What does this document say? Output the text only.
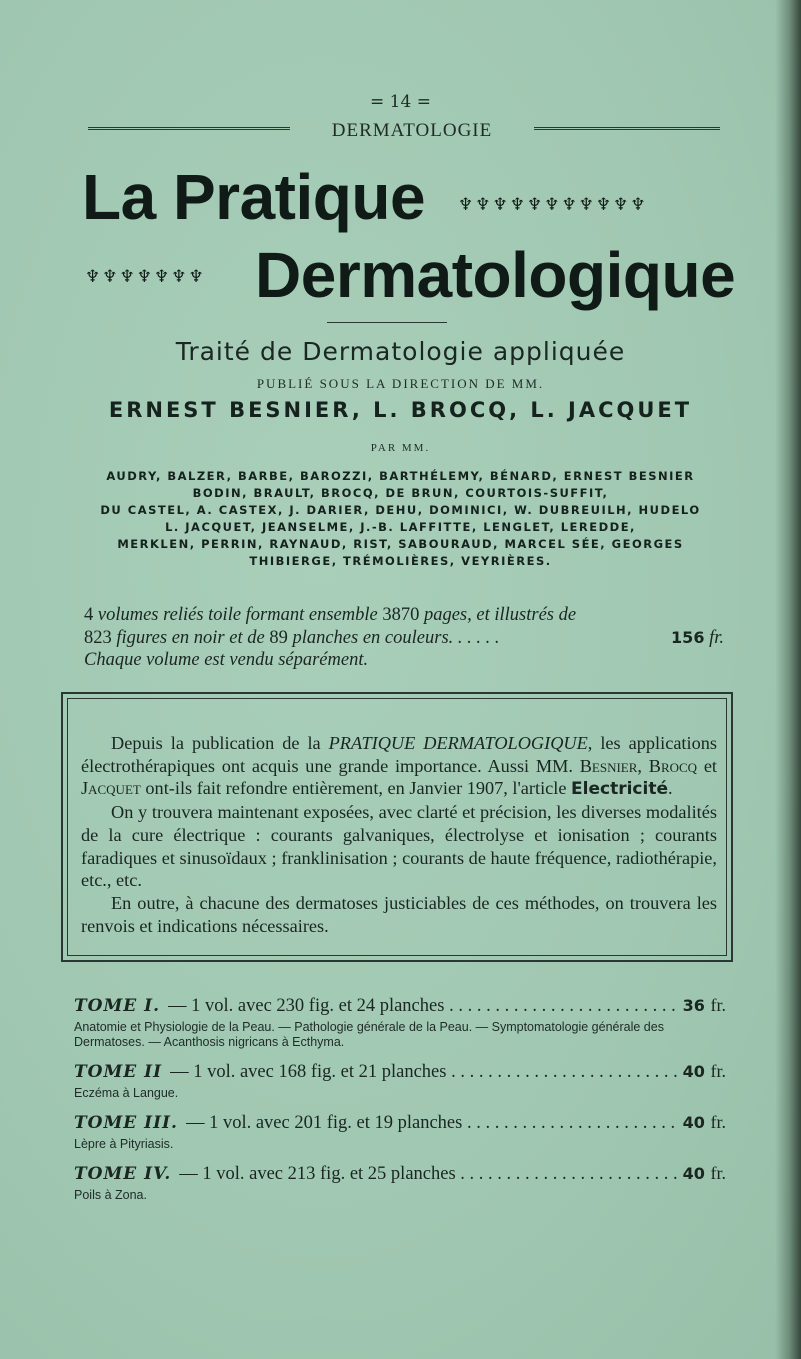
= 14 =
DERMATOLOGIE
La Pratique ♆♆♆♆♆♆♆♆♆♆♆
♆♆♆♆♆♆♆ Dermatologique
Traité de Dermatologie appliquée
PUBLIÉ SOUS LA DIRECTION DE MM.
ERNEST BESNIER, L. BROCQ, L. JACQUET
PAR MM.
AUDRY, BALZER, BARBE, BAROZZI, BARTHÉLEMY, BÉNARD, ERNEST BESNIER
BODIN, BRAULT, BROCQ, DE BRUN, COURTOIS-SUFFIT,
DU CASTEL, A. CASTEX, J. DARIER, DEHU, DOMINICI, W. DUBREUILH, HUDELO
L. JACQUET, JEANSELME, J.-B. LAFFITTE, LENGLET, LEREDDE,
MERKLEN, PERRIN, RAYNAUD, RIST, SABOURAUD, MARCEL SÉE, GEORGES
THIBIERGE, TRÉMOLIÈRES, VEYRIÈRES.
4 volumes reliés toile formant ensemble 3870 pages, et illustrés de
823 figures en noir et de 89 planches en couleurs. . . . . .	156 fr.
Chaque volume est vendu séparément.

Depuis la publication de la PRATIQUE DERMATOLOGIQUE, les applications électrothérapiques ont acquis une grande importance. Aussi MM. Besnier, Brocq et Jacquet ont-ils fait refondre entièrement, en Janvier 1907, l'article Electricité.

On y trouvera maintenant exposées, avec clarté et précision, les diverses modalités de la cure électrique : courants galvaniques, électrolyse et ionisation ; courants faradiques et sinusoïdaux ; franklinisation ; courants de haute fréquence, radiothérapie, etc., etc.

En outre, à chacune des dermatoses justiciables de ces méthodes, on trouvera les renvois et indications nécessaires.

TOME I. — 1 vol. avec 230 fig. et 24 planches . . .	36 fr.
Anatomie et Physiologie de la Peau. — Pathologie générale de la Peau. — Symptomatologie générale des Dermatoses. — Acanthosis nigricans à Ecthyma.
TOME II — 1 vol. avec 168 fig. et 21 planches . . .	40 fr.
Eczéma à Langue.
TOME III. — 1 vol. avec 201 fig. et 19 planches . . .	40 fr.
Lèpre à Pityriasis.
TOME IV. — 1 vol. avec 213 fig. et 25 planches . . .	40 fr.
Poils à Zona.
